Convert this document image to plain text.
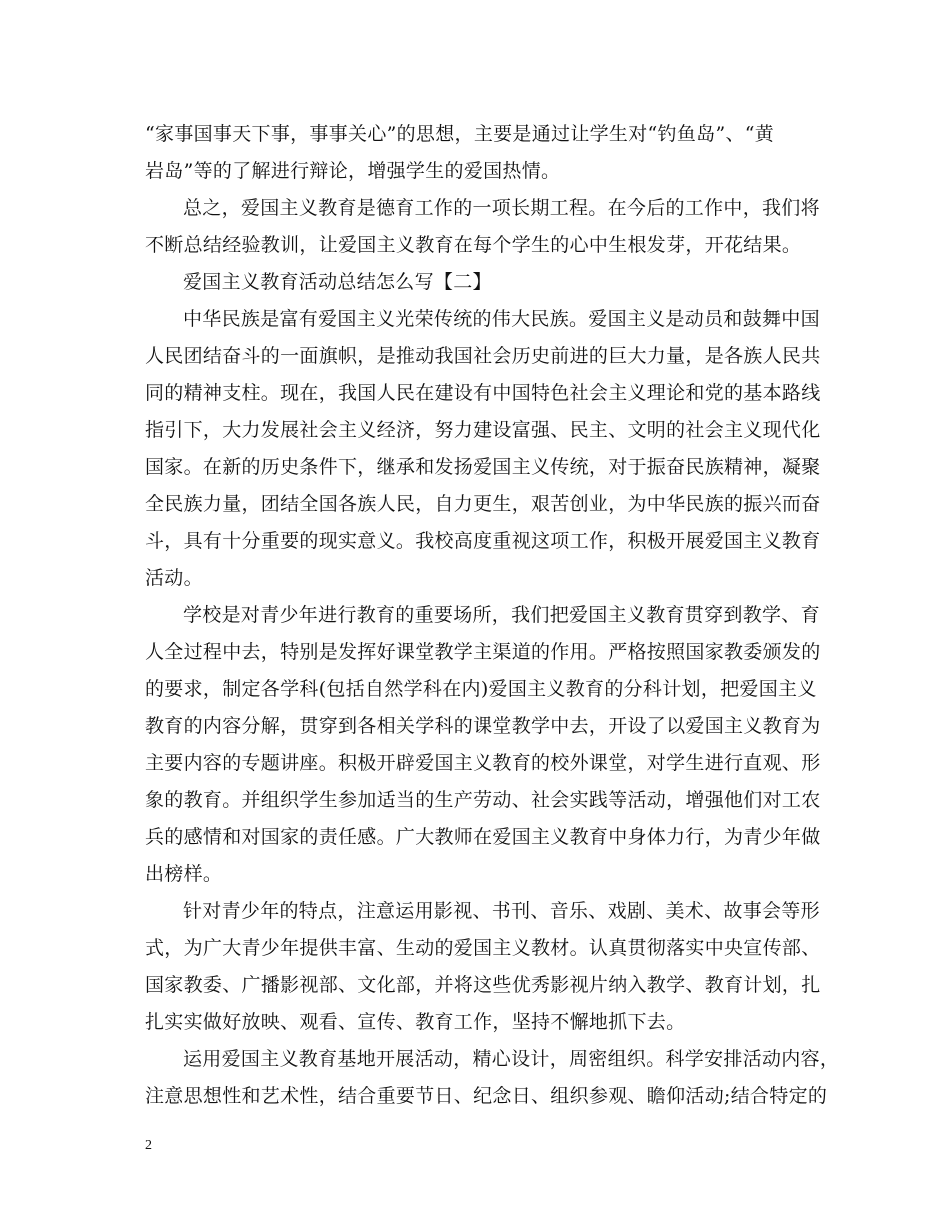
“家事国事天下事，事事关心”的思想，主要是通过让学生对“钓鱼岛”、“黄
岩岛”等的了解进行辩论，增强学生的爱国热情。
总之，爱国主义教育是德育工作的一项长期工程。在今后的工作中，我们将
不断总结经验教训，让爱国主义教育在每个学生的心中生根发芽，开花结果。
爱国主义教育活动总结怎么写【二】
中华民族是富有爱国主义光荣传统的伟大民族。爱国主义是动员和鼓舞中国
人民团结奋斗的一面旗帜，是推动我国社会历史前进的巨大力量，是各族人民共
同的精神支柱。现在，我国人民在建设有中国特色社会主义理论和党的基本路线
指引下，大力发展社会主义经济，努力建设富强、民主、文明的社会主义现代化
国家。在新的历史条件下，继承和发扬爱国主义传统，对于振奋民族精神，凝聚
全民族力量，团结全国各族人民，自力更生，艰苦创业，为中华民族的振兴而奋
斗，具有十分重要的现实意义。我校高度重视这项工作，积极开展爱国主义教育
活动。
学校是对青少年进行教育的重要场所，我们把爱国主义教育贯穿到教学、育
人全过程中去，特别是发挥好课堂教学主渠道的作用。严格按照国家教委颁发的
的要求，制定各学科(包括自然学科在内)爱国主义教育的分科计划，把爱国主义
教育的内容分解，贯穿到各相关学科的课堂教学中去，开设了以爱国主义教育为
主要内容的专题讲座。积极开辟爱国主义教育的校外课堂，对学生进行直观、形
象的教育。并组织学生参加适当的生产劳动、社会实践等活动，增强他们对工农
兵的感情和对国家的责任感。广大教师在爱国主义教育中身体力行，为青少年做
出榜样。
针对青少年的特点，注意运用影视、书刊、音乐、戏剧、美术、故事会等形
式，为广大青少年提供丰富、生动的爱国主义教材。认真贯彻落实中央宣传部、
国家教委、广播影视部、文化部，并将这些优秀影视片纳入教学、教育计划，扎
扎实实做好放映、观看、宣传、教育工作，坚持不懈地抓下去。
运用爱国主义教育基地开展活动，精心设计，周密组织。科学安排活动内容，
注意思想性和艺术性，结合重要节日、纪念日、组织参观、瞻仰活动;结合特定的
2
